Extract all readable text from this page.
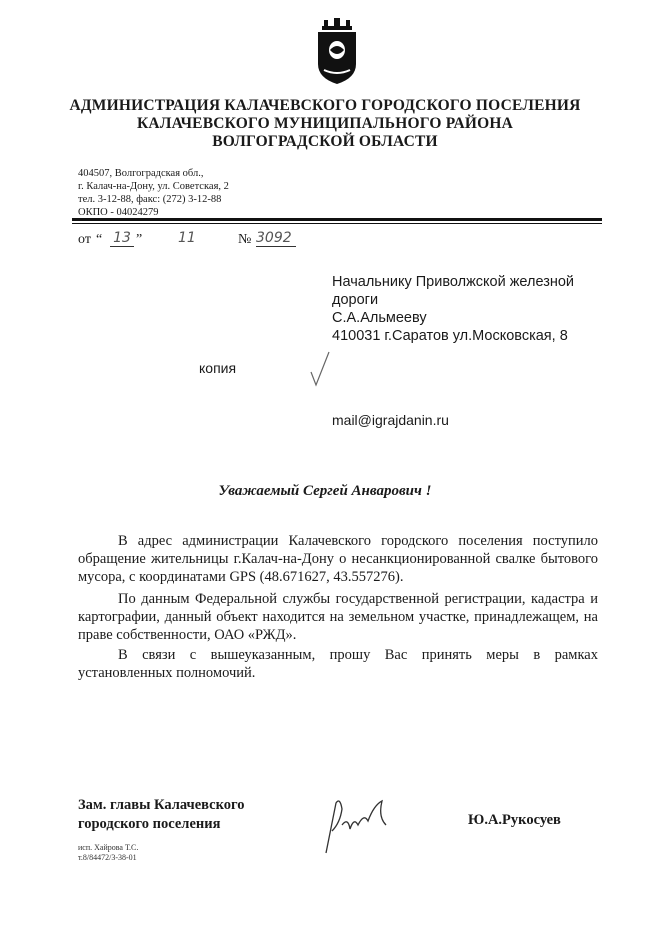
АДМИНИСТРАЦИЯ КАЛАЧЕВСКОГО ГОРОДСКОГО ПОСЕЛЕНИЯ
КАЛАЧЕВСКОГО МУНИЦИПАЛЬНОГО РАЙОНА
ВОЛГОГРАДСКОЙ ОБЛАСТИ
404507, Волгоградская обл.,
г. Калач-на-Дону, ул. Советская, 2
тел. 3-12-88, факс: (272) 3-12-88
ОКПО - 04024279
от “ 13 ”	11	№ 3092
Начальнику Приволжской железной
дороги
С.А.Альмееву
410031 г.Саратов ул.Московская, 8
копия
mail@igrajdanin.ru
Уважаемый Сергей Анварович !

В адрес администрации Калачевского городского поселения поступило обращение жительницы г.Калач-на-Дону о несанкционированной свалке бытового мусора, с координатами GPS (48.671627, 43.557276).

По данным Федеральной службы государственной регистрации, кадастра и картографии, данный объект находится на земельном участке, принадлежащем, на праве собственности, ОАО «РЖД».

В связи с вышеуказанным, прошу Вас принять меры в рамках установленных полномочий.

Зам. главы Калачевского
городского поселения	Ю.А.Рукосуев
исп. Хайрова Т.С.
т.8/84472/3-38-01
